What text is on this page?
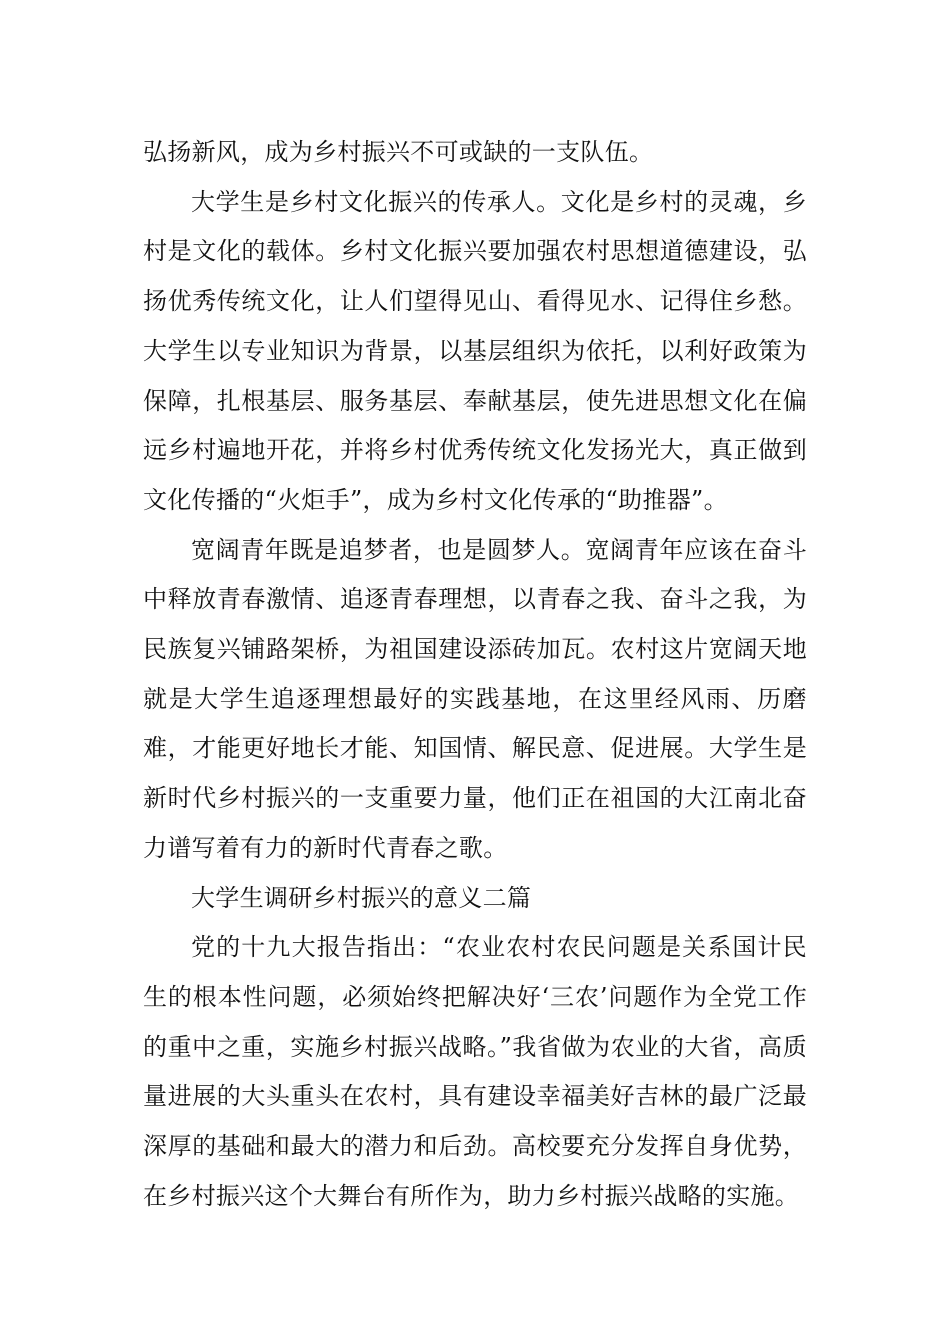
弘扬新风，成为乡村振兴不可或缺的一支队伍。

大学生是乡村文化振兴的传承人。文化是乡村的灵魂，乡村是文化的载体。乡村文化振兴要加强农村思想道德建设，弘扬优秀传统文化，让人们望得见山、看得见水、记得住乡愁。大学生以专业知识为背景，以基层组织为依托，以利好政策为保障，扎根基层、服务基层、奉献基层，使先进思想文化在偏远乡村遍地开花，并将乡村优秀传统文化发扬光大，真正做到文化传播的“火炬手”，成为乡村文化传承的“助推器”。

宽阔青年既是追梦者，也是圆梦人。宽阔青年应该在奋斗中释放青春激情、追逐青春理想，以青春之我、奋斗之我，为民族复兴铺路架桥，为祖国建设添砖加瓦。农村这片宽阔天地就是大学生追逐理想最好的实践基地，在这里经风雨、历磨难，才能更好地长才能、知国情、解民意、促进展。大学生是新时代乡村振兴的一支重要力量，他们正在祖国的大江南北奋力谱写着有力的新时代青春之歌。

大学生调研乡村振兴的意义二篇

党的十九大报告指出：“农业农村农民问题是关系国计民生的根本性问题，必须始终把解决好‘三农’问题作为全党工作的重中之重，实施乡村振兴战略。”我省做为农业的大省，高质量进展的大头重头在农村，具有建设幸福美好吉林的最广泛最深厚的基础和最大的潜力和后劲。高校要充分发挥自身优势，在乡村振兴这个大舞台有所作为，助力乡村振兴战略的实施。
